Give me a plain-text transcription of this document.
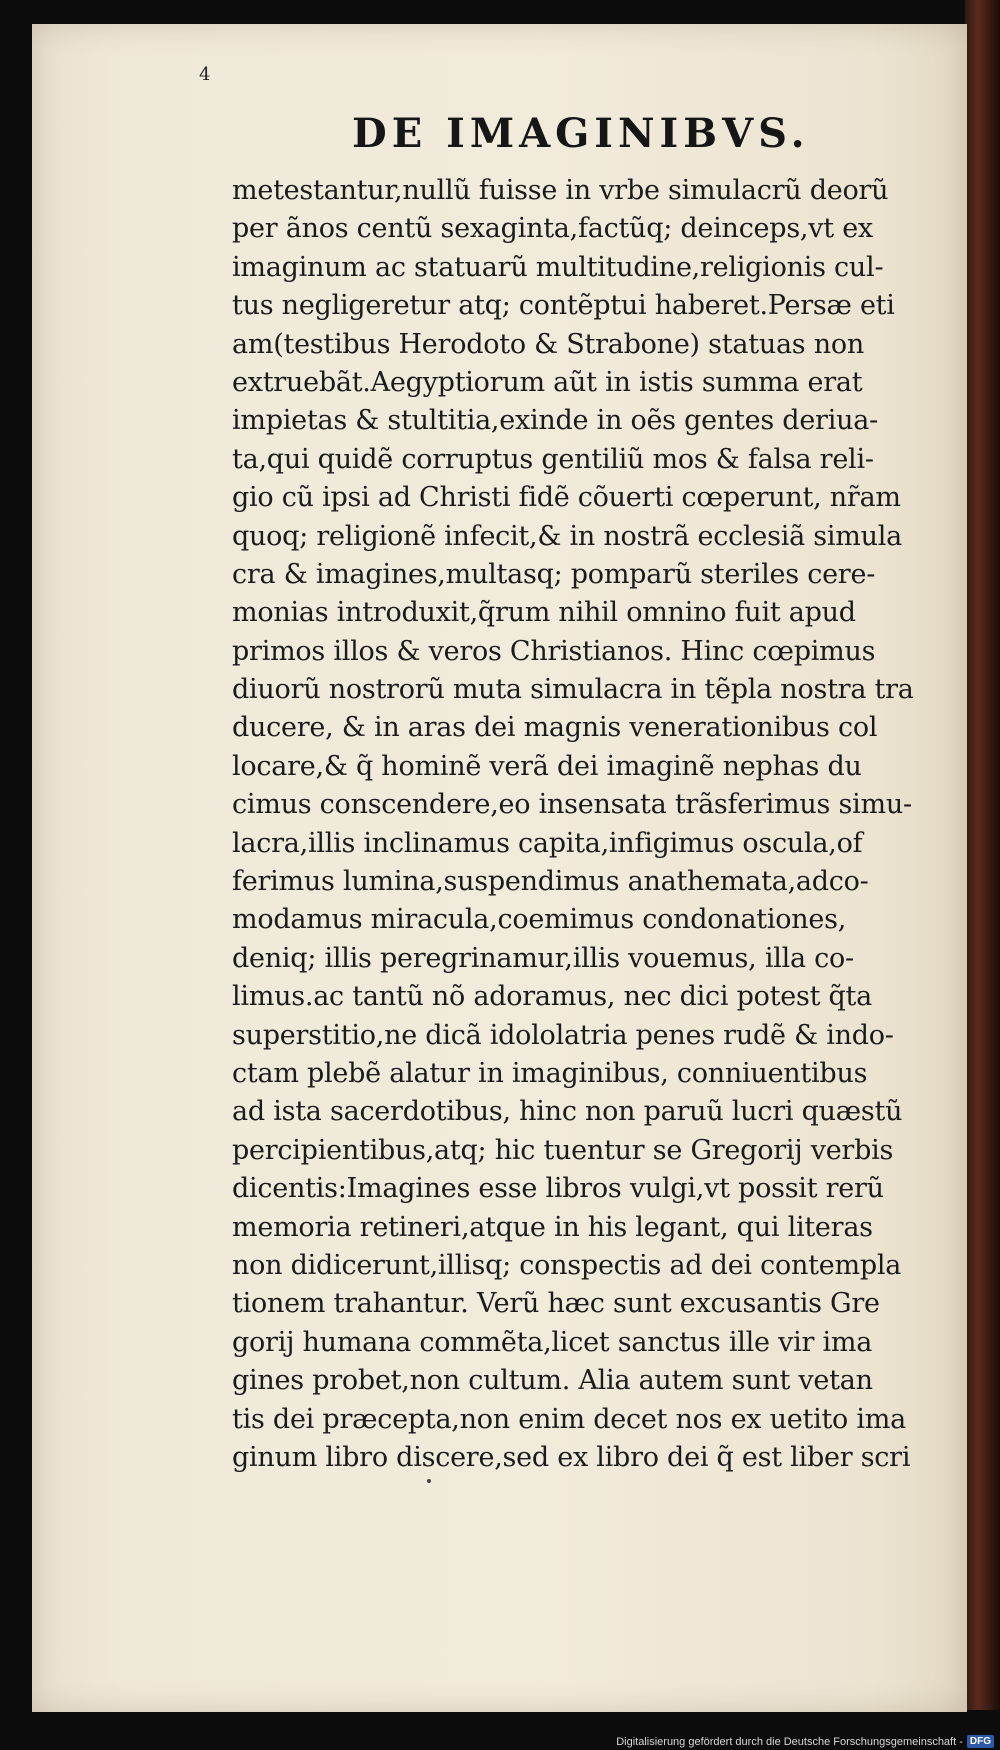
4

DE IMAGINIBVS.

metestantur,nullũ fuisse in vrbe simulacrũ deorũ

per ãnos centũ sexaginta,factũq; deinceps,vt ex

imaginum ac statuarũ multitudine,religionis cul-

tus negligeretur atq; contẽptui haberet.Persæ eti

am(testibus Herodoto & Strabone) statuas non

extruebãt.Aegyptiorum aũt in istis summa erat

impietas & stultitia,exinde in oẽs gentes deriua-

ta,qui quidẽ corruptus gentiliũ mos & falsa reli-

gio cũ ipsi ad Christi fidẽ cõuerti cœperunt, nr̃am

quoq; religionẽ infecit,& in nostrã ecclesiã simula

cra & imagines,multasq; pomparũ steriles cere-

monias introduxit,q̃rum nihil omnino fuit apud

primos illos & veros Christianos. Hinc cœpimus

diuorũ nostrorũ muta simulacra in tẽpla nostra tra

ducere, & in aras dei magnis venerationibus col

locare,& q̃ hominẽ verã dei imaginẽ nephas du

cimus conscendere,eo insensata trãsferimus simu-

lacra,illis inclinamus capita,infigimus oscula,of

ferimus lumina,suspendimus anathemata,adco-

modamus miracula,coemimus condonationes,

deniq; illis peregrinamur,illis vouemus, illa co-

limus.ac tantũ nõ adoramus, nec dici potest q̃ta

superstitio,ne dicã idololatria penes rudẽ & indo-

ctam plebẽ alatur in imaginibus, conniuentibus

ad ista sacerdotibus, hinc non paruũ lucri quæstũ

percipientibus,atq; hic tuentur se Gregorij verbis

dicentis:Imagines esse libros vulgi,vt possit rerũ

memoria retineri,atque in his legant, qui literas

non didicerunt,illisq; conspectis ad dei contempla

tionem trahantur. Verũ hæc sunt excusantis Gre

gorij humana commẽta,licet sanctus ille vir ima

gines probet,non cultum. Alia autem sunt vetan

tis dei præcepta,non enim decet nos ex uetito ima

ginum libro discere,sed ex libro dei q̃ est liber scri

Digitalisierung gefördert durch die Deutsche Forschungsgemeinschaft - DFG
